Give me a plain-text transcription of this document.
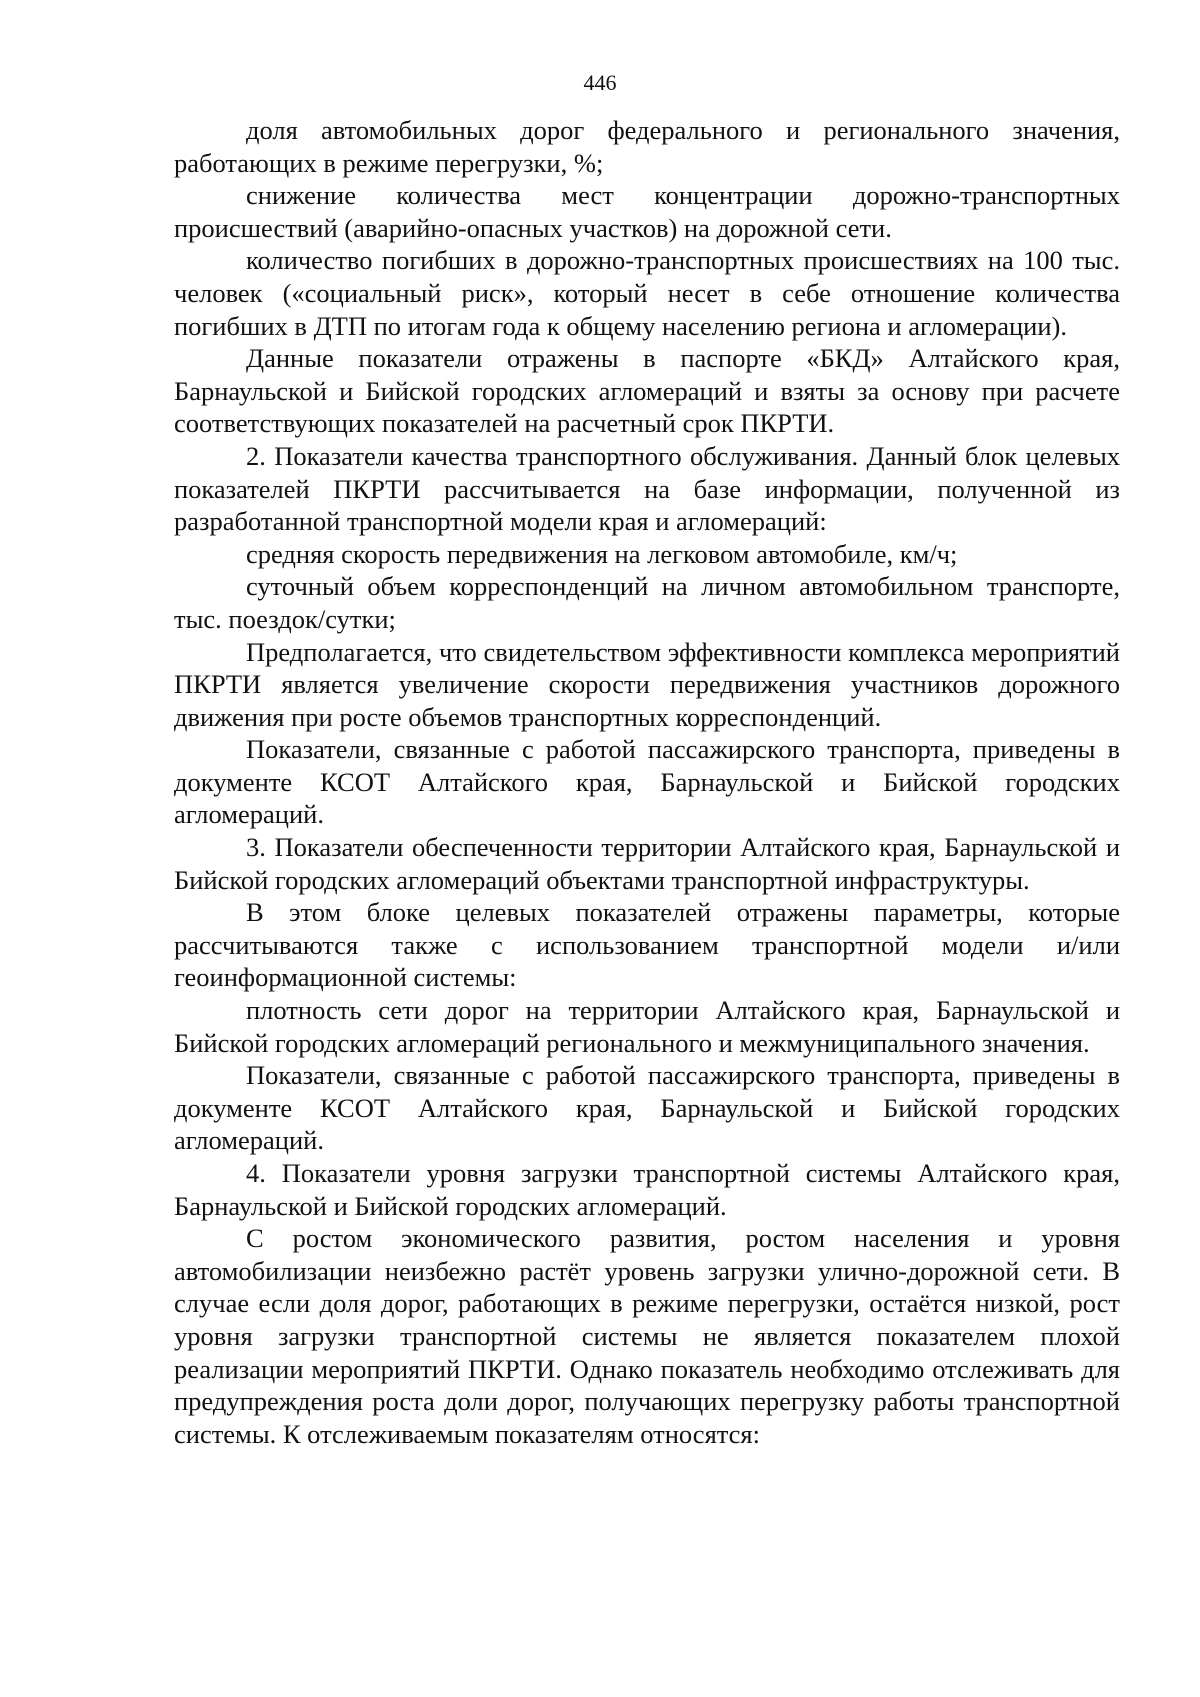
446

доля автомобильных дорог федерального и регионального значения, работающих в режиме перегрузки, %;

снижение количества мест концентрации дорожно-транспортных происшествий (аварийно-опасных участков) на дорожной сети.

количество погибших в дорожно-транспортных происшествиях на 100 тыс. человек («социальный риск», который несет в себе отношение количества погибших в ДТП по итогам года к общему населению региона и агломерации).

Данные показатели отражены в паспорте «БКД» Алтайского края, Барнаульской и Бийской городских агломераций и взяты за основу при расчете соответствующих показателей на расчетный срок ПКРТИ.

2. Показатели качества транспортного обслуживания. Данный блок целевых показателей ПКРТИ рассчитывается на базе информации, полученной из разработанной транспортной модели края и агломераций:

средняя скорость передвижения на легковом автомобиле, км/ч;

суточный объем корреспонденций на личном автомобильном транспорте, тыс. поездок/сутки;

Предполагается, что свидетельством эффективности комплекса мероприятий ПКРТИ является увеличение скорости передвижения участников дорожного движения при росте объемов транспортных корреспонденций.

Показатели, связанные с работой пассажирского транспорта, приведены в документе КСОТ Алтайского края, Барнаульской и Бийской городских агломераций.

3. Показатели обеспеченности территории Алтайского края, Барнаульской и Бийской городских агломераций объектами транспортной инфраструктуры.

В этом блоке целевых показателей отражены параметры, которые рассчитываются также с использованием транспортной модели и/или геоинформационной системы:

плотность сети дорог на территории Алтайского края, Барнаульской и Бийской городских агломераций регионального и межмуниципального значения.

Показатели, связанные с работой пассажирского транспорта, приведены в документе КСОТ Алтайского края, Барнаульской и Бийской городских агломераций.

4. Показатели уровня загрузки транспортной системы Алтайского края, Барнаульской и Бийской городских агломераций.

С ростом экономического развития, ростом населения и уровня автомобилизации неизбежно растёт уровень загрузки улично-дорожной сети. В случае если доля дорог, работающих в режиме перегрузки, остаётся низкой, рост уровня загрузки транспортной системы не является показателем плохой реализации мероприятий ПКРТИ. Однако показатель необходимо отслеживать для предупреждения роста доли дорог, получающих перегрузку работы транспортной системы. К отслеживаемым показателям относятся:
